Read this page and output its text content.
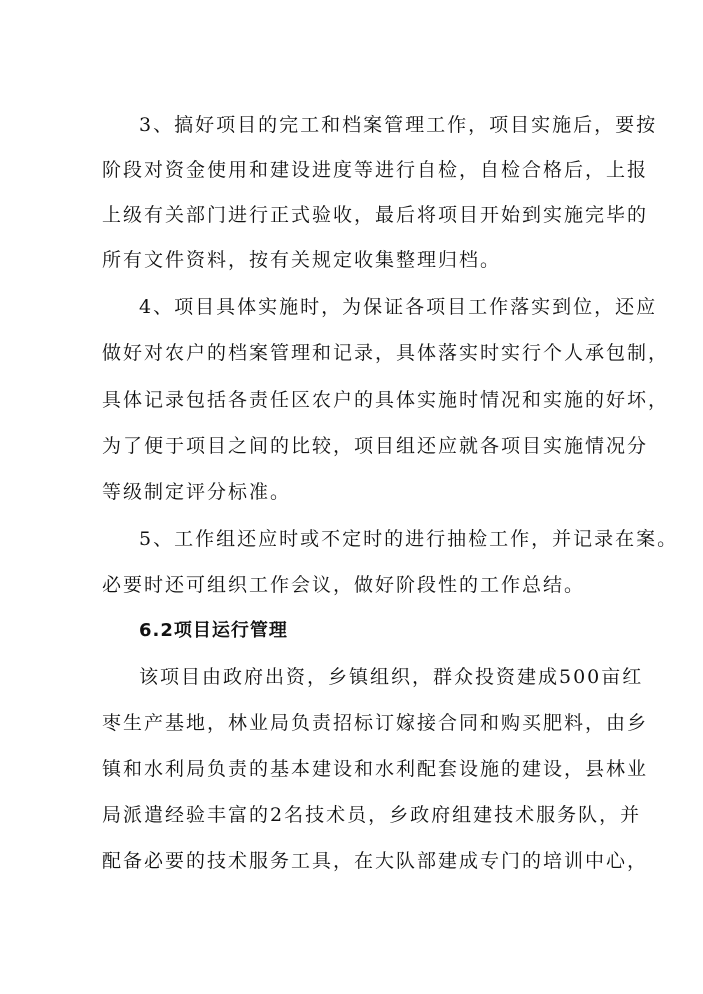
3、搞好项目的完工和档案管理工作，项目实施后，要按
阶段对资金使用和建设进度等进行自检，自检合格后，上报
上级有关部门进行正式验收，最后将项目开始到实施完毕的
所有文件资料，按有关规定收集整理归档。
4、项目具体实施时，为保证各项目工作落实到位，还应
做好对农户的档案管理和记录，具体落实时实行个人承包制，
具体记录包括各责任区农户的具体实施时情况和实施的好坏，
为了便于项目之间的比较，项目组还应就各项目实施情况分
等级制定评分标准。
5、工作组还应时或不定时的进行抽检工作，并记录在案。
必要时还可组织工作会议，做好阶段性的工作总结。
6.2项目运行管理
该项目由政府出资，乡镇组织，群众投资建成500亩红
枣生产基地，林业局负责招标订嫁接合同和购买肥料，由乡
镇和水利局负责的基本建设和水利配套设施的建设，县林业
局派遣经验丰富的2名技术员，乡政府组建技术服务队，并
配备必要的技术服务工具，在大队部建成专门的培训中心，
